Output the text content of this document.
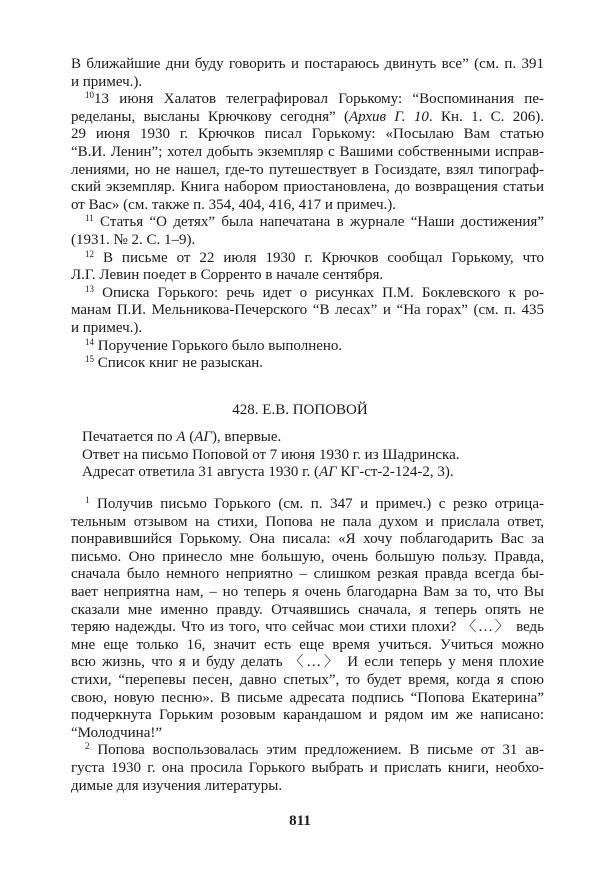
В ближайшие дни буду говорить и постараюсь двинуть все” (см. п. 391
и примеч.).
$^{10}$13 июня Халатов телеграфировал Горькому: “Воспоминания пе-
ределаны, высланы Крючкову сегодня” (Архив Г. 10. Кн. 1. С. 206).
29 июня 1930 г. Крючков писал Горькому: «Посылаю Вам статью
“В.И. Ленин”; хотел добыть экземпляр с Вашими собственными исправ-
лениями, но не нашел, где-то путешествует в Госиздате, взял типограф-
ский экземпляр. Книга набором приостановлена, до возвращения статьи
от Вас» (см. также п. 354, 404, 416, 417 и примеч.).
$^{11}$ Статья “О детях” была напечатана в журнале “Наши достижения”
(1931. № 2. С. 1–9).
$^{12}$ В письме от 22 июля 1930 г. Крючков сообщал Горькому, что
Л.Г. Левин поедет в Сорренто в начале сентября.
$^{13}$ Описка Горького: речь идет о рисунках П.М. Боклевского к ро-
манам П.И. Мельникова-Печерского “В лесах” и “На горах” (см. п. 435
и примеч.).
$^{14}$ Поручение Горького было выполнено.
$^{15}$ Список книг не разыскан.
428. Е.В. ПОПОВОЙ
Печатается по А (АГ), впервые.
Ответ на письмо Поповой от 7 июня 1930 г. из Шадринска.
Адресат ответила 31 августа 1930 г. (АГ КГ-ст-2-124-2, 3).
$^1$ Получив письмо Горького (см. п. 347 и примеч.) с резко отрица-
тельным отзывом на стихи, Попова не пала духом и прислала ответ,
понравившийся Горькому. Она писала: «Я хочу поблагодарить Вас за
письмо. Оно принесло мне большую, очень большую пользу. Правда,
сначала было немного неприятно – слишком резкая правда всегда бы-
вает неприятна нам, – но теперь я очень благодарна Вам за то, что Вы
сказали мне именно правду. Отчаявшись сначала, я теперь опять не
теряю надежды. Что из того, что сейчас мои стихи плохи? 〈…〉 ведь
мне еще только 16, значит есть еще время учиться. Учиться можно
всю жизнь, что я и буду делать 〈…〉 И если теперь у меня плохие
стихи, “перепевы песен, давно спетых”, то будет время, когда я спою
свою, новую песню». В письме адресата подпись “Попова Екатерина”
подчеркнута Горьким розовым карандашом и рядом им же написано:
“Молодчина!”
$^2$ Попова воспользовалась этим предложением. В письме от 31 ав-
густа 1930 г. она просила Горького выбрать и прислать книги, необхо-
димые для изучения литературы.
811
